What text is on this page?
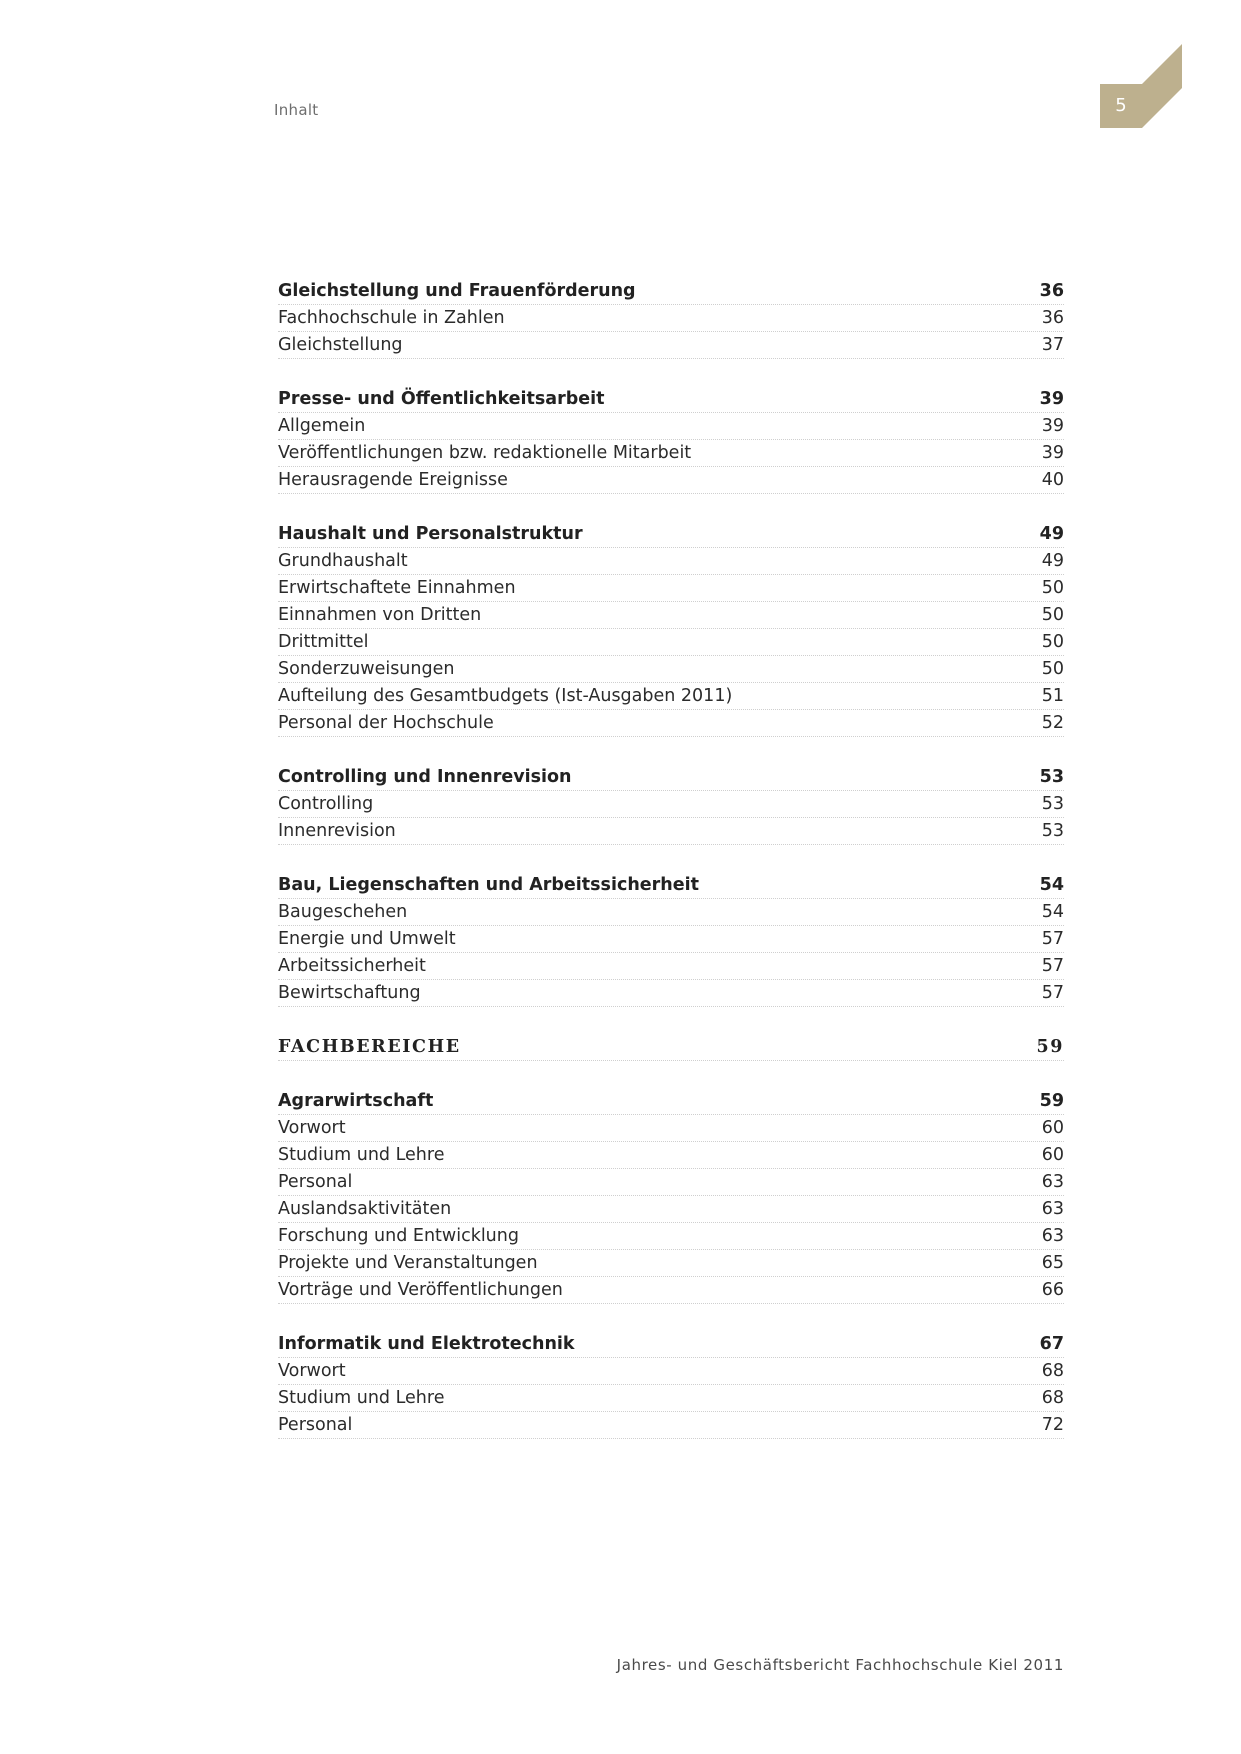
Inhalt	5
Gleichstellung und Frauenförderung	36
Fachhochschule in Zahlen	36
Gleichstellung	37
Presse- und Öffentlichkeitsarbeit	39
Allgemein	39
Veröffentlichungen bzw. redaktionelle Mitarbeit	39
Herausragende Ereignisse	40
Haushalt und Personalstruktur	49
Grundhaushalt	49
Erwirtschaftete Einnahmen	50
Einnahmen von Dritten	50
Drittmittel	50
Sonderzuweisungen	50
Aufteilung des Gesamtbudgets (Ist-Ausgaben 2011)	51
Personal der Hochschule	52
Controlling und Innenrevision	53
Controlling	53
Innenrevision	53
Bau, Liegenschaften und Arbeitssicherheit	54
Baugeschehen	54
Energie und Umwelt	57
Arbeitssicherheit	57
Bewirtschaftung	57
FACHBEREICHE	59
Agrarwirtschaft	59
Vorwort	60
Studium und Lehre	60
Personal	63
Auslandsaktivitäten	63
Forschung und Entwicklung	63
Projekte und Veranstaltungen	65
Vorträge und Veröffentlichungen	66
Informatik und Elektrotechnik	67
Vorwort	68
Studium und Lehre	68
Personal	72
Jahres- und Geschäftsbericht Fachhochschule Kiel 2011
